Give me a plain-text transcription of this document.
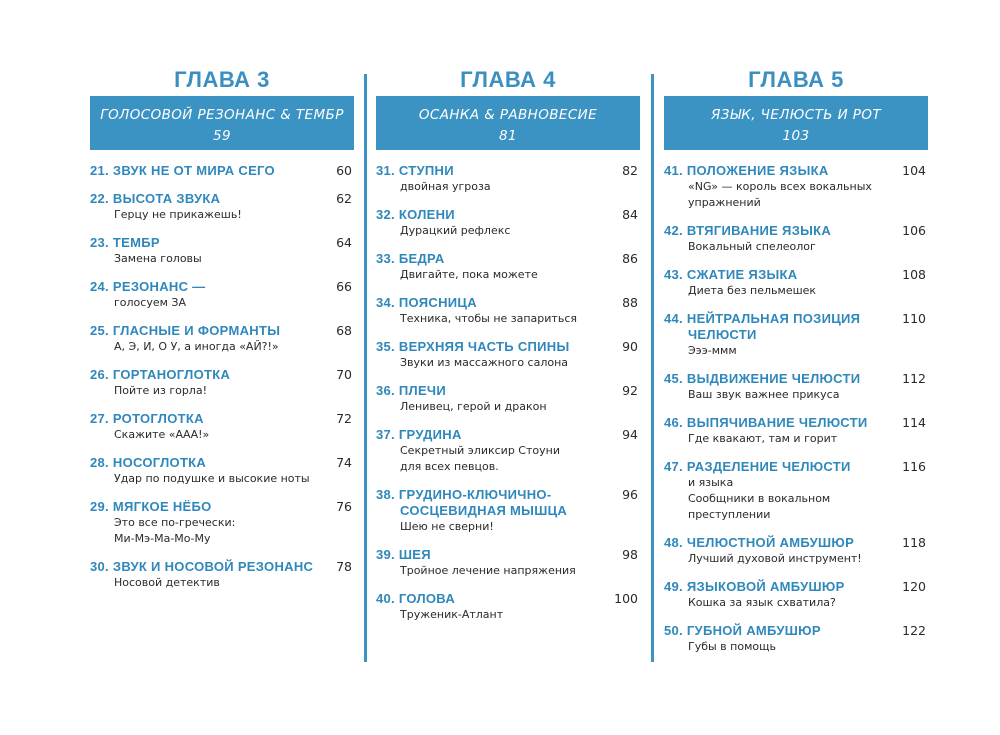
ГЛАВА 3
ГОЛОСОВОЙ РЕЗОНАНС & ТЕМБР
59
21. ЗВУК НЕ ОТ МИРА СЕГО	60
22. ВЫСОТА ЗВУКА	62
Герцу не прикажешь!
23. ТЕМБР	64
Замена головы
24. РЕЗОНАНС —	66
голосуем ЗА
25. ГЛАСНЫЕ И ФОРМАНТЫ	68
А, Э, И, О У, а иногда «АЙ?!»
26. ГОРТАНОГЛОТКА	70
Пойте из горла!
27. РОТОГЛОТКА	72
Скажите «ААА!»
28. НОСОГЛОТКА	74
Удар по подушке и высокие ноты
29. МЯГКОЕ НЁБО	76
Это все по-гречески:
Ми-Мэ-Ма-Мо-Му
30. ЗВУК И НОСОВОЙ РЕЗОНАНС	78
Носовой детектив
ГЛАВА 4
ОСАНКА & РАВНОВЕСИЕ
81
31. СТУПНИ	82
двойная угроза
32. КОЛЕНИ	84
Дурацкий рефлекс
33. БЕДРА	86
Двигайте, пока можете
34. ПОЯСНИЦА	88
Техника, чтобы не запариться
35. ВЕРХНЯЯ ЧАСТЬ СПИНЫ	90
Звуки из массажного салона
36. ПЛЕЧИ	92
Ленивец, герой и дракон
37. ГРУДИНА	94
Секретный эликсир Стоуни
для всех певцов.
38. ГРУДИНО-КЛЮЧИЧНО-
СОСЦЕВИДНАЯ МЫШЦА
96
Шею не сверни!
39. ШЕЯ	98
Тройное лечение напряжения
40. ГОЛОВА	100
Труженик-Атлант
ГЛАВА 5
ЯЗЫК, ЧЕЛЮСТЬ И РОТ
103
41. ПОЛОЖЕНИЕ ЯЗЫКА	104
«NG» — король всех вокальных
упражнений
42. ВТЯГИВАНИЕ ЯЗЫКА	106
Вокальный спелеолог
43. СЖАТИЕ ЯЗЫКА	108
Диета без пельмешек
44. НЕЙТРАЛЬНАЯ ПОЗИЦИЯ
ЧЕЛЮСТИ
110
Эээ-ммм
45. ВЫДВИЖЕНИЕ ЧЕЛЮСТИ	112
Ваш звук важнее прикуса
46. ВЫПЯЧИВАНИЕ ЧЕЛЮСТИ	114
Где квакают, там и горит
47. РАЗДЕЛЕНИЕ ЧЕЛЮСТИ	116
и языка
Сообщники в вокальном преступлении
48. ЧЕЛЮСТНОЙ АМБУШЮР	118
Лучший духовой инструмент!
49. ЯЗЫКОВОЙ АМБУШЮР	120
Кошка за язык схватила?
50. ГУБНОЙ АМБУШЮР	122
Губы в помощь
